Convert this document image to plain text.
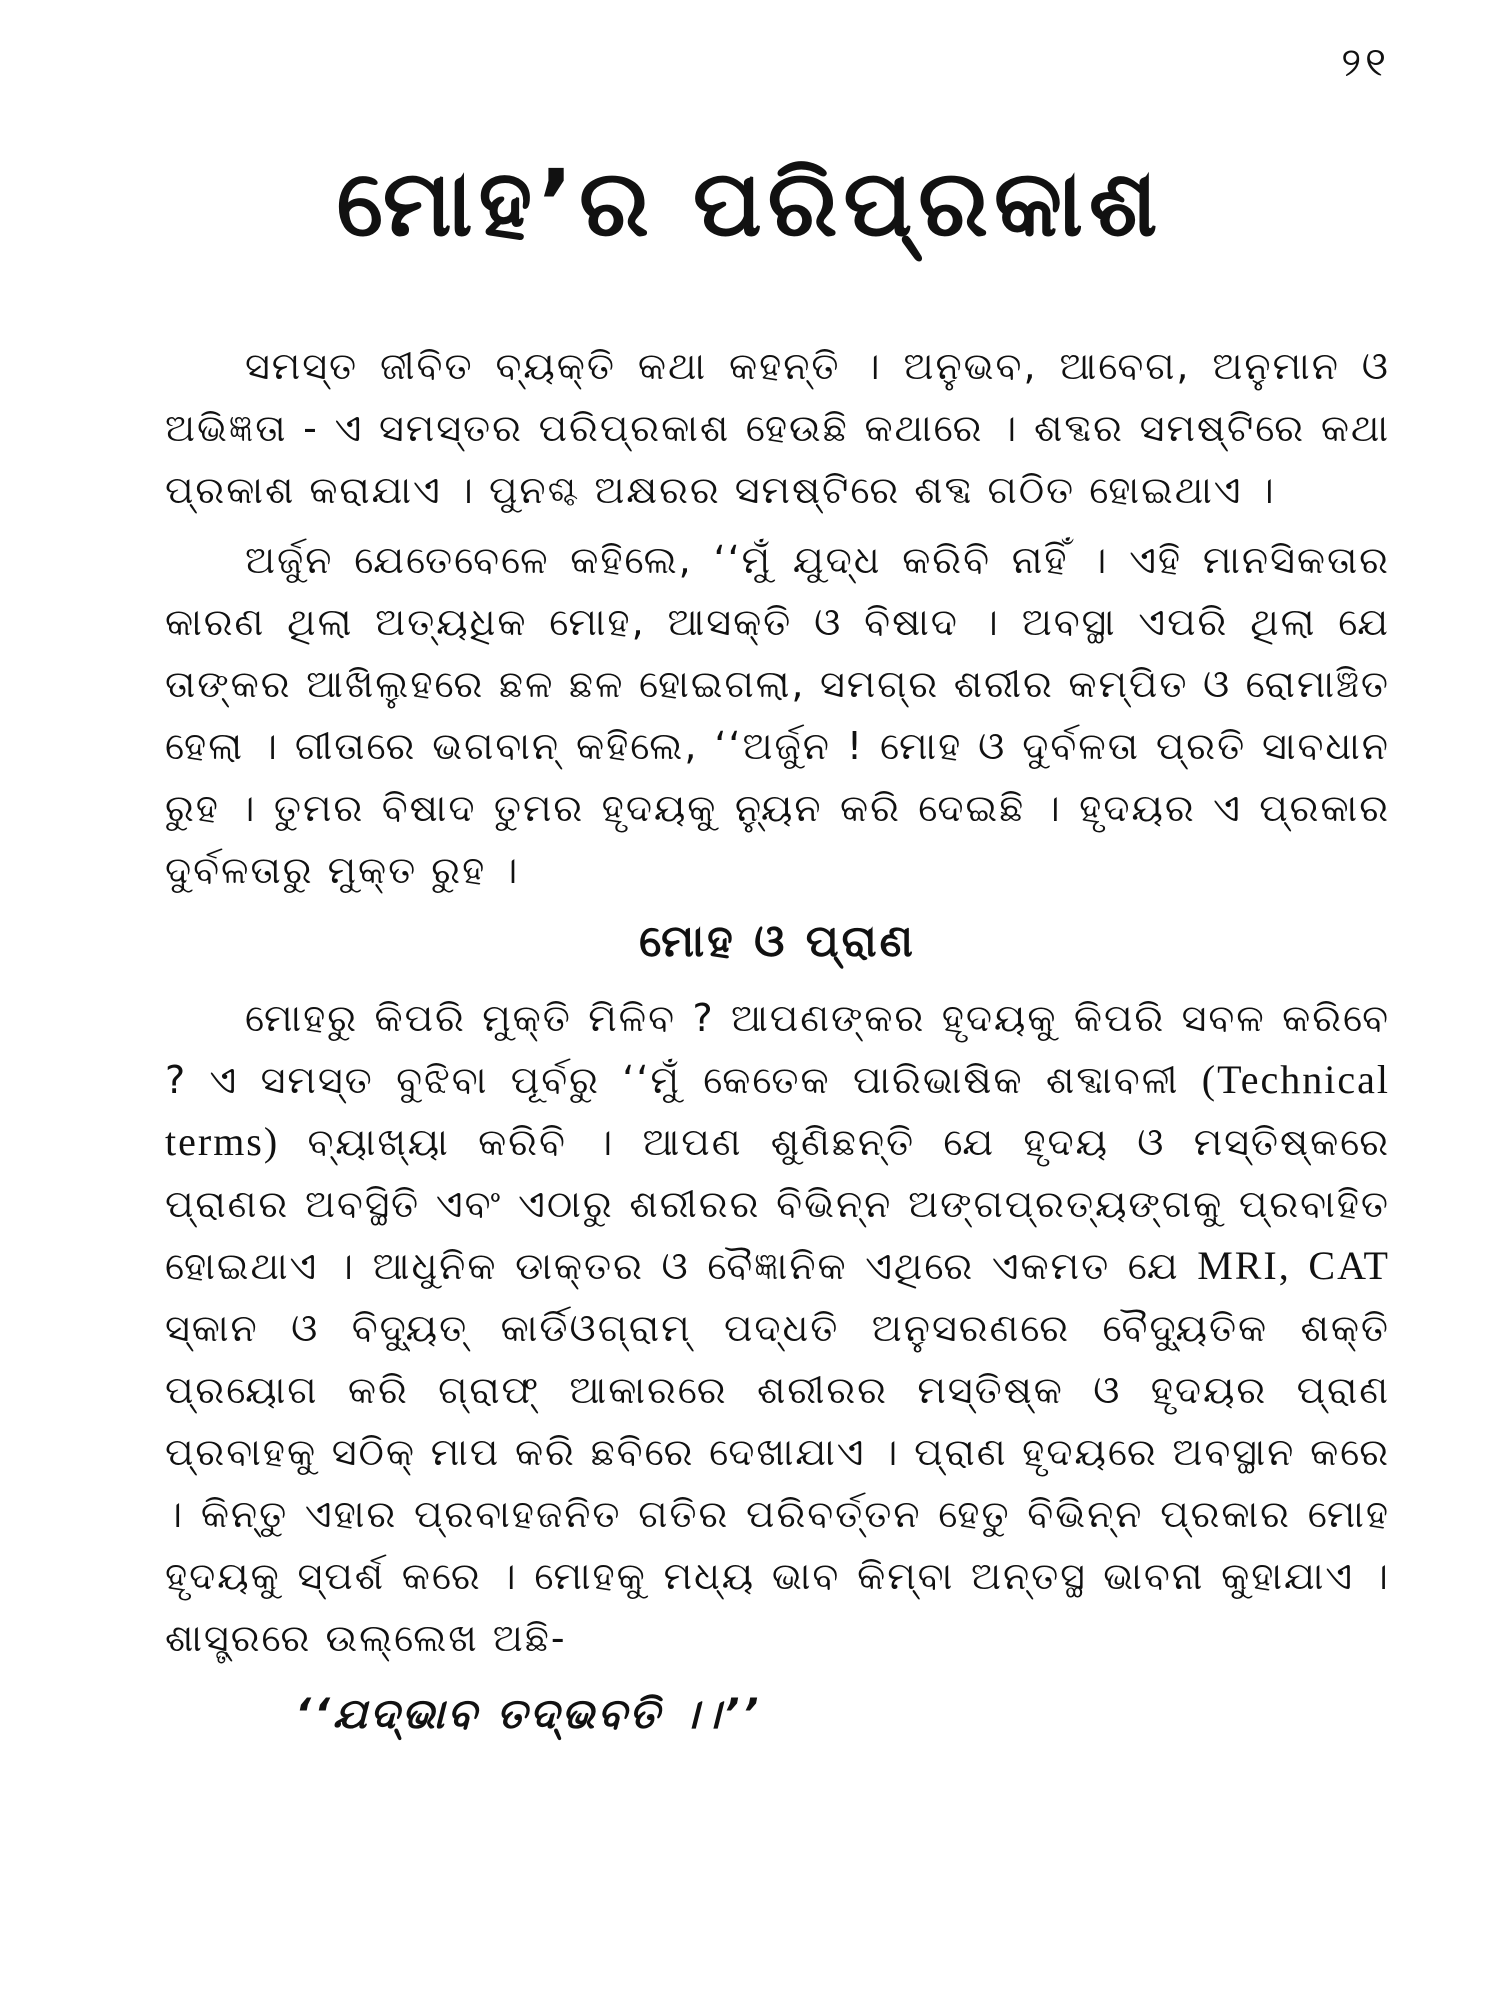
୨୧
ମୋହ’ର ପରିପ୍ରକାଶ

ସମସ୍ତ ଜୀବିତ ବ୍ୟକ୍ତି କଥା କହନ୍ତି । ଅନୁଭବ, ଆବେଗ, ଅନୁମାନ ଓ ଅଭିଜ୍ଞତା - ଏ ସମସ୍ତର ପରିପ୍ରକାଶ ହେଉଛି କଥାରେ । ଶବ୍ଦର ସମଷ୍ଟିରେ କଥା ପ୍ରକାଶ କରାଯାଏ । ପୁନଶ୍ଚ ଅକ୍ଷରର ସମଷ୍ଟିରେ ଶବ୍ଦ ଗଠିତ ହୋଇଥାଏ ।

ଅର୍ଜୁନ ଯେତେବେଳେ କହିଲେ, ‘‘ମୁଁ ଯୁଦ୍ଧ କରିବି ନାହିଁ । ଏହି ମାନସିକତାର କାରଣ ଥିଲା ଅତ୍ୟଧିକ ମୋହ, ଆସକ୍ତି ଓ ବିଷାଦ । ଅବସ୍ଥା ଏପରି ଥିଲା ଯେ ତାଙ୍କର ଆଖିଲୁହରେ ଛଳ ଛଳ ହୋଇଗଲା, ସମଗ୍ର ଶରୀର କମ୍ପିତ ଓ ରୋମାଞ୍ଚିତ ହେଲା । ଗୀତାରେ ଭଗବାନ୍ କହିଲେ, ‘‘ଅର୍ଜୁନ ! ମୋହ ଓ ଦୁର୍ବଳତା ପ୍ରତି ସାବଧାନ ରୁହ । ତୁମର ବିଷାଦ ତୁମର ହୃଦୟକୁ ନ୍ୟୁନ କରି ଦେଇଛି । ହୃଦୟର ଏ ପ୍ରକାର ଦୁର୍ବଳତାରୁ ମୁକ୍ତ ରୁହ ।

ମୋହ ଓ ପ୍ରାଣ

ମୋହରୁ କିପରି ମୁକ୍ତି ମିଳିବ ? ଆପଣଙ୍କର ହୃଦୟକୁ କିପରି ସବଳ କରିବେ ? ଏ ସମସ୍ତ ବୁଝିବା ପୂର୍ବରୁ ‘‘ମୁଁ କେତେକ ପାରିଭାଷିକ ଶବ୍ଦାବଳୀ (Technical terms) ବ୍ୟାଖ୍ୟା କରିବି । ଆପଣ ଶୁଣିଛନ୍ତି ଯେ ହୃଦୟ ଓ ମସ୍ତିଷ୍କରେ ପ୍ରାଣର ଅବସ୍ଥିତି ଏବଂ ଏଠାରୁ ଶରୀରର ବିଭିନ୍ନ ଅଙ୍ଗପ୍ରତ୍ୟଙ୍ଗକୁ ପ୍ରବାହିତ ହୋଇଥାଏ । ଆଧୁନିକ ଡାକ୍ତର ଓ ବୈଜ୍ଞାନିକ ଏଥିରେ ଏକମତ ଯେ MRI, CAT ସ୍କାନ ଓ ବିଦ୍ୟୁତ୍ କାର୍ଡିଓଗ୍ରାମ୍ ପଦ୍ଧତି ଅନୁସରଣରେ ବୈଦ୍ୟୁତିକ ଶକ୍ତି ପ୍ରୟୋଗ କରି ଗ୍ରାଫ୍ ଆକାରରେ ଶରୀରର ମସ୍ତିଷ୍କ ଓ ହୃଦୟର ପ୍ରାଣ ପ୍ରବାହକୁ ସଠିକ୍ ମାପ କରି ଛବିରେ ଦେଖାଯାଏ । ପ୍ରାଣ ହୃଦୟରେ ଅବସ୍ଥାନ କରେ । କିନ୍ତୁ ଏହାର ପ୍ରବାହଜନିତ ଗତିର ପରିବର୍ତ୍ତନ ହେତୁ ବିଭିନ୍ନ ପ୍ରକାର ମୋହ ହୃଦୟକୁ ସ୍ପର୍ଶ କରେ । ମୋହକୁ ମଧ୍ୟ ଭାବ କିମ୍ବା ଅନ୍ତସ୍ଥ ଭାବନା କୁହାଯାଏ । ଶାସ୍ତ୍ରରେ ଉଲ୍ଲେଖ ଅଛି-

‘‘ଯଦ୍‌ଭାବ ତଦ୍‌ଭବତି ।।’’
